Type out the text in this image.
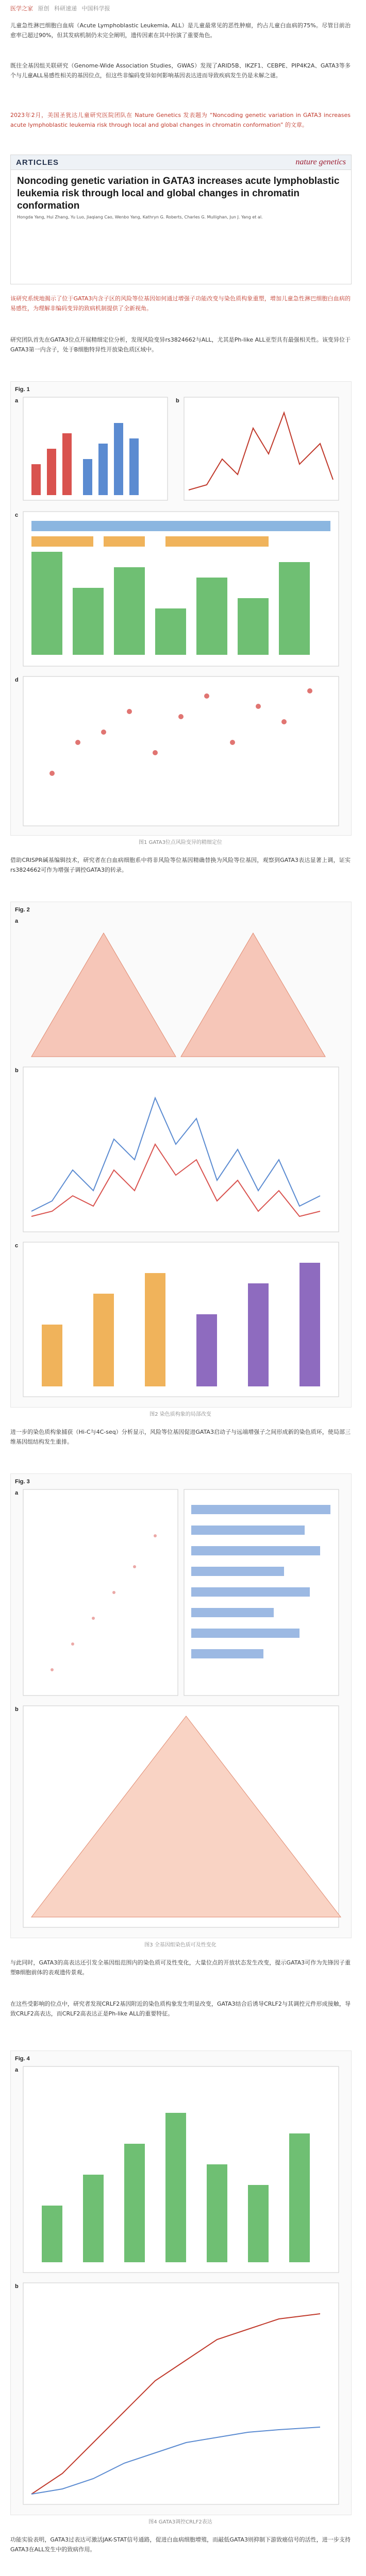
医学之家 原创 科研速递 中国科学报
儿童急性淋巴细胞白血病（Acute Lymphoblastic Leukemia, ALL）是儿童最常见的恶性肿瘤，约占儿童白血病的75%。尽管目前治愈率已超过90%，但其发病机制仍未完全阐明，遗传因素在其中扮演了重要角色。
既往全基因组关联研究（Genome-Wide Association Studies，GWAS）发现了ARID5B、IKZF1、CEBPE、PIP4K2A、GATA3等多个与儿童ALL易感性相关的基因位点，但这些非编码变异如何影响基因表达进而导致疾病发生仍是未解之谜。
2023年2月，美国圣犹达儿童研究医院团队在 Nature Genetics 发表题为 “Noncoding genetic variation in GATA3 increases acute lymphoblastic leukemia risk through local and global changes in chromatin conformation” 的文章。
ARTICLES	nature genetics
Noncoding genetic variation in GATA3 increases acute lymphoblastic leukemia risk through local and global changes in chromatin conformation
Hongda Yang, Hui Zhang, Yu Luo, Jiaqiang Cao, Wenbo Yang, Kathryn G. Roberts, Charles G. Mullighan, Jun J. Yang et al.
该研究系统地揭示了位于GATA3内含子区的风险等位基因如何通过增强子功能改变与染色质构象重塑，增加儿童急性淋巴细胞白血病的易感性，为理解非编码变异的致病机制提供了全新视角。
研究团队首先在GATA3位点开展精细定位分析，发现风险变异rs3824662与ALL，尤其是Ph-like ALL亚型具有最强相关性。该变异位于GATA3第一内含子，处于B细胞特异性开放染色质区域中。
Fig. 1
a	b
c
d
图1 GATA3位点风险变异的精细定位
借助CRISPR碱基编辑技术，研究者在白血病细胞系中将非风险等位基因精确替换为风险等位基因，观察到GATA3表达显著上调，证实rs3824662可作为增强子调控GATA3的转录。
Fig. 2
a
b
c
图2 染色质构象的局部改变
进一步的染色质构象捕获（Hi-C与4C-seq）分析显示，风险等位基因促进GATA3启动子与远端增强子之间形成新的染色质环，使局部三维基因组结构发生重排。
Fig. 3
a
b
图3 全基因组染色质可及性变化
与此同时，GATA3的高表达还引发全基因组范围内的染色质可及性变化，大量位点的开放状态发生改变，提示GATA3可作为先锋因子重塑B细胞前体的表观遗传景观。
在这些受影响的位点中，研究者发现CRLF2基因附近的染色质构象发生明显改变，GATA3结合后诱导CRLF2与其调控元件形成接触，导致CRLF2高表达，而CRLF2高表达正是Ph-like ALL的重要特征。
Fig. 4
a
b
图4 GATA3调控CRLF2表达
功能实验表明，GATA3过表达可激活JAK-STAT信号通路，促进白血病细胞增殖，而敲低GATA3则抑制下游致癌信号的活性，进一步支持GATA3在ALL发生中的致病作用。
